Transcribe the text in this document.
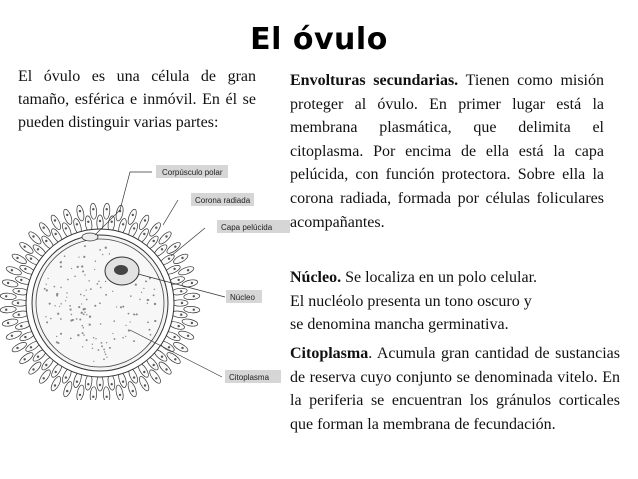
El óvulo
El óvulo es una célula de gran tamaño, esférica e inmóvil. En él se pueden distinguir varias partes:
Corpúsculo polar
Corona radiada
Capa pelúcida
Núcleo
Citoplasma
Envolturas secundarias. Tienen como misión proteger al óvulo. En primer lugar está la membrana plasmática, que delimita el citoplasma. Por encima de ella está la capa pelúcida, con función protectora. Sobre ella la corona radiada, formada por células foliculares acompañantes.
Núcleo. Se localiza en un polo celular.
El nucléolo presenta un tono oscuro y
se denomina mancha germinativa.
Citoplasma. Acumula gran cantidad de sustancias de reserva cuyo conjunto se denominada vitelo. En la periferia se encuentran los gránulos corticales que forman la membrana de fecundación.
